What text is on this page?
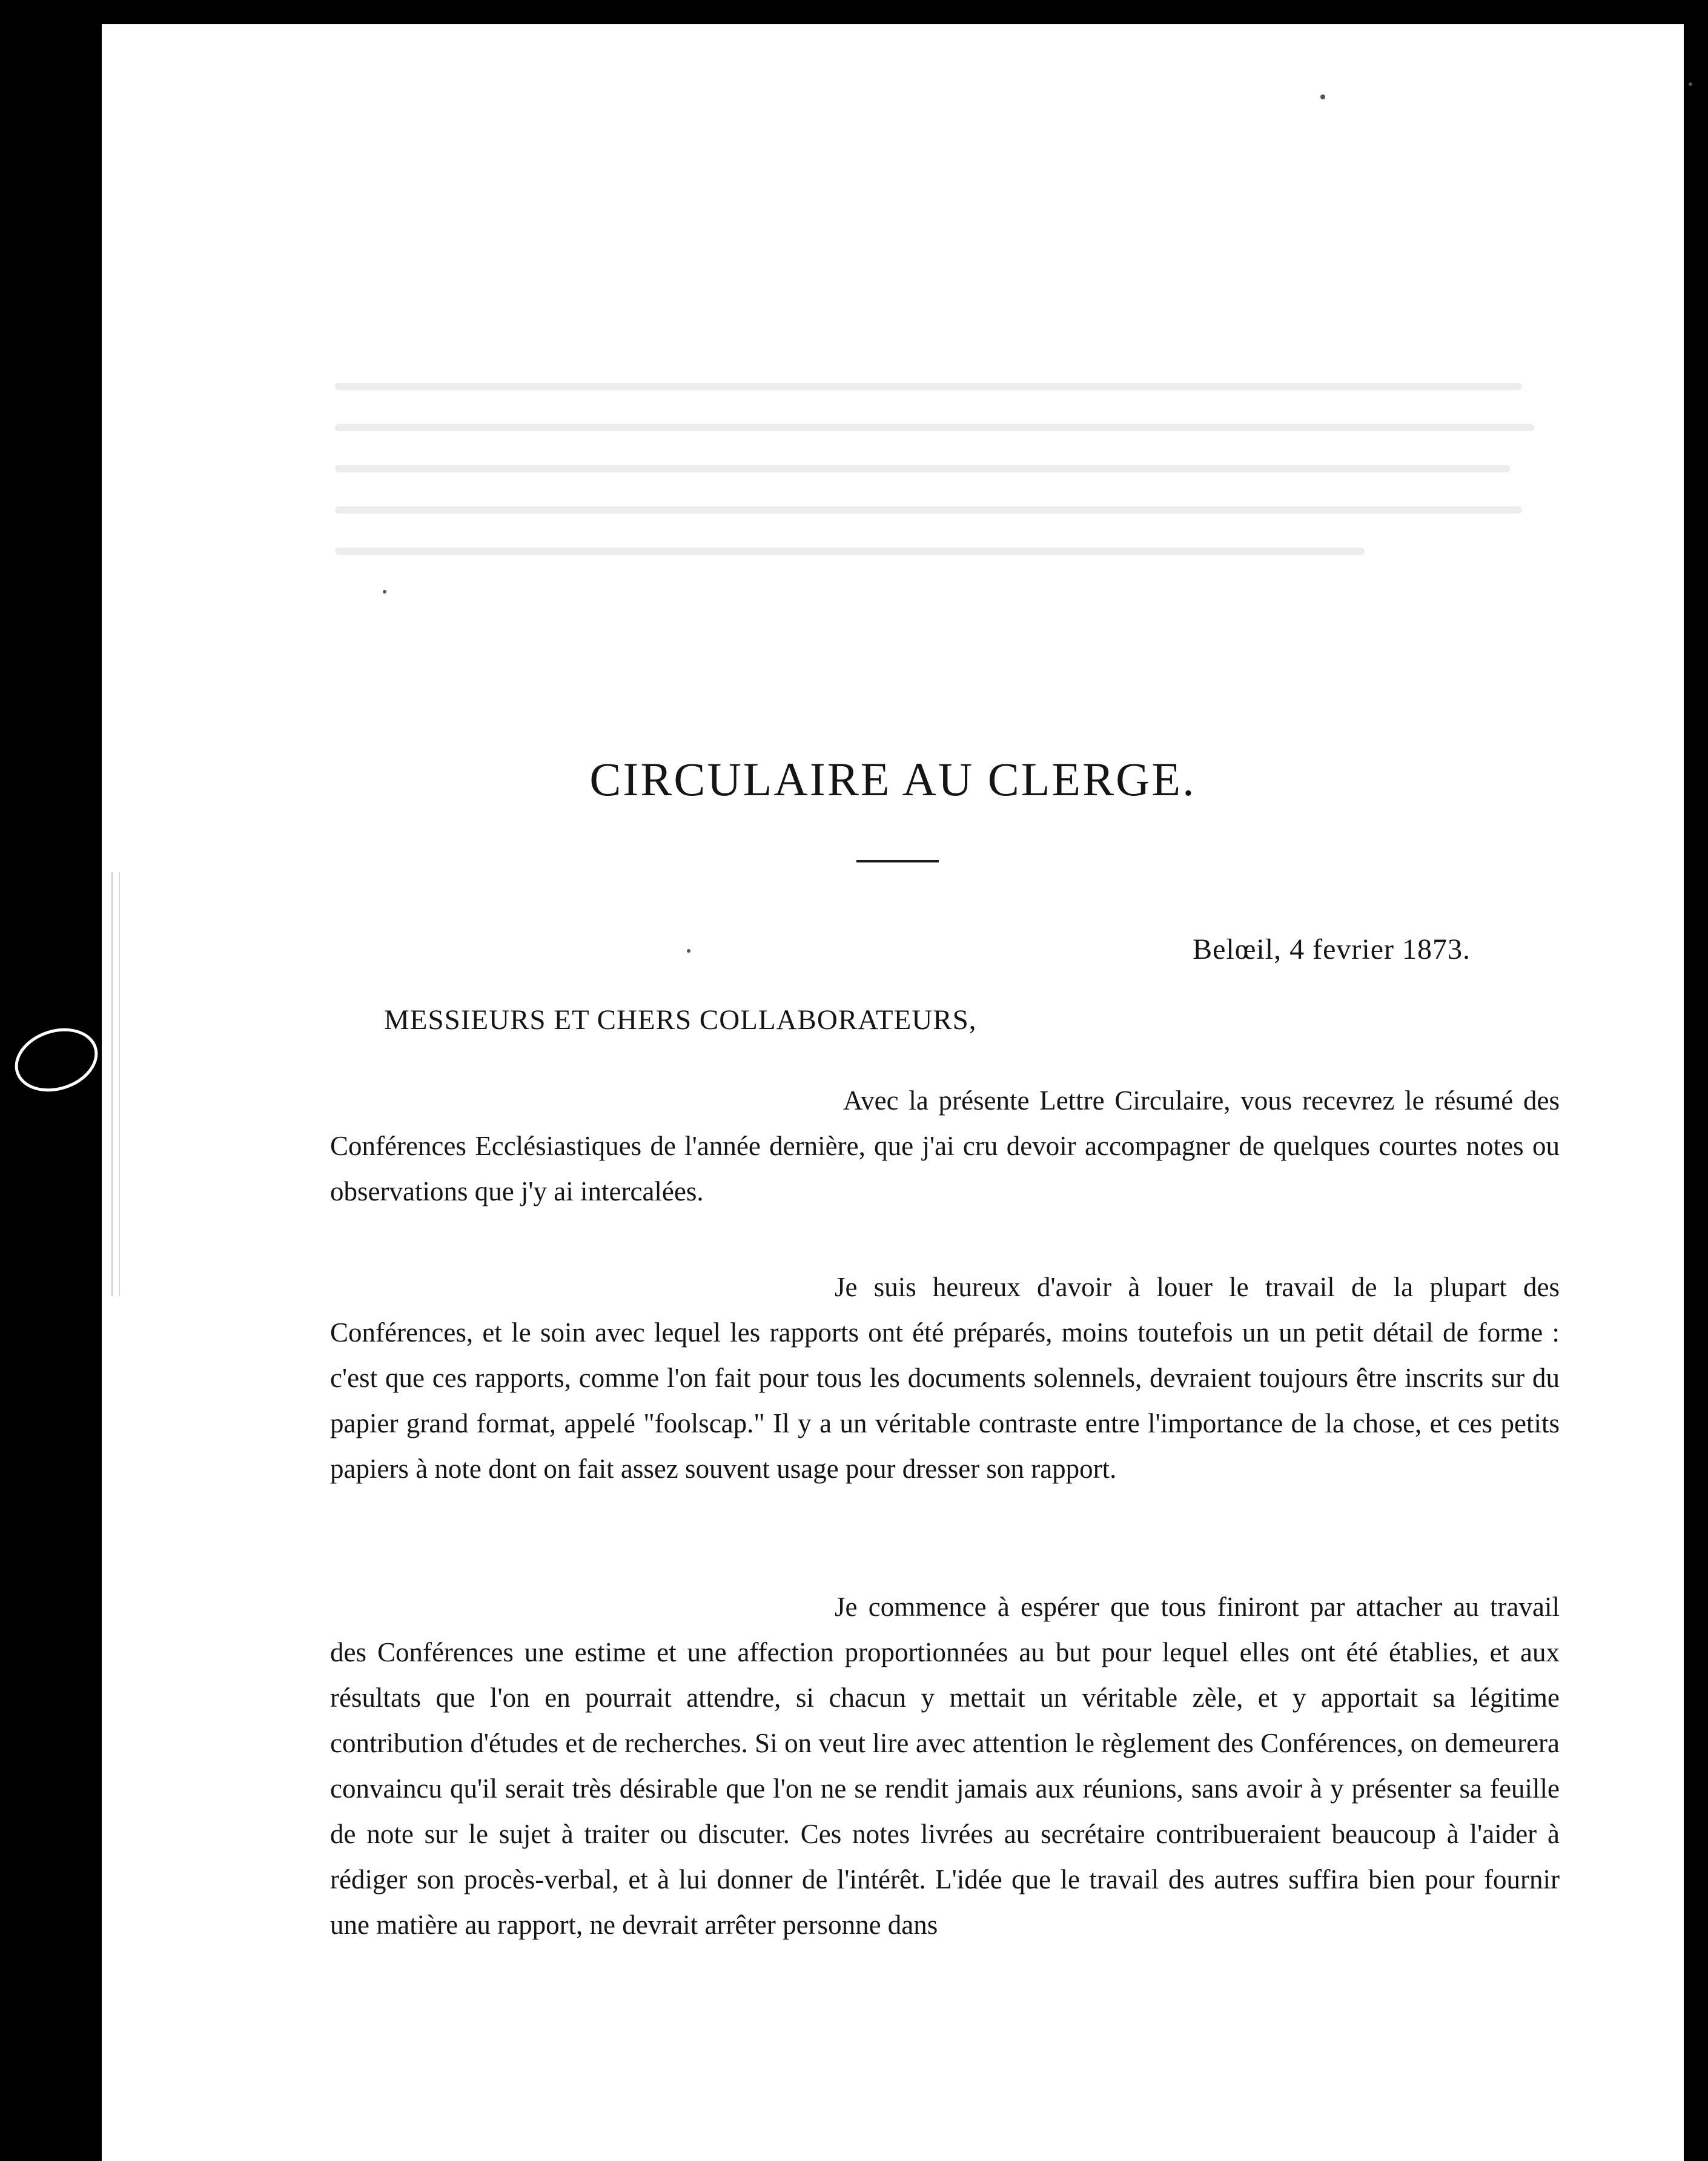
CIRCULAIRE AU CLERGE.
Belœil, 4 fevrier 1873.
MESSIEURS ET CHERS COLLABORATEURS,

Avec la présente Lettre Circulaire, vous recevrez le résumé des Conférences Ecclésiastiques de l'année dernière, que j'ai cru devoir accompagner de quelques courtes notes ou observations que j'y ai intercalées.

Je suis heureux d'avoir à louer le travail de la plupart des Conférences, et le soin avec lequel les rapports ont été préparés, moins toutefois un un petit détail de forme : c'est que ces rapports, comme l'on fait pour tous les documents solennels, devraient toujours être inscrits sur du papier grand format, appelé "foolscap." Il y a un véritable contraste entre l'importance de la chose, et ces petits papiers à note dont on fait assez souvent usage pour dresser son rapport.

Je commence à espérer que tous finiront par attacher au travail des Conférences une estime et une affection proportionnées au but pour lequel elles ont été établies, et aux résultats que l'on en pourrait attendre, si chacun y mettait un véritable zèle, et y apportait sa légitime contribution d'études et de recherches. Si on veut lire avec attention le règlement des Conférences, on demeurera convaincu qu'il serait très désirable que l'on ne se rendit jamais aux réunions, sans avoir à y présenter sa feuille de note sur le sujet à traiter ou discuter. Ces notes livrées au secrétaire contribueraient beaucoup à l'aider à rédiger son procès-verbal, et à lui donner de l'intérêt. L'idée que le travail des autres suffira bien pour fournir une matière au rapport, ne devrait arrêter personne dans
